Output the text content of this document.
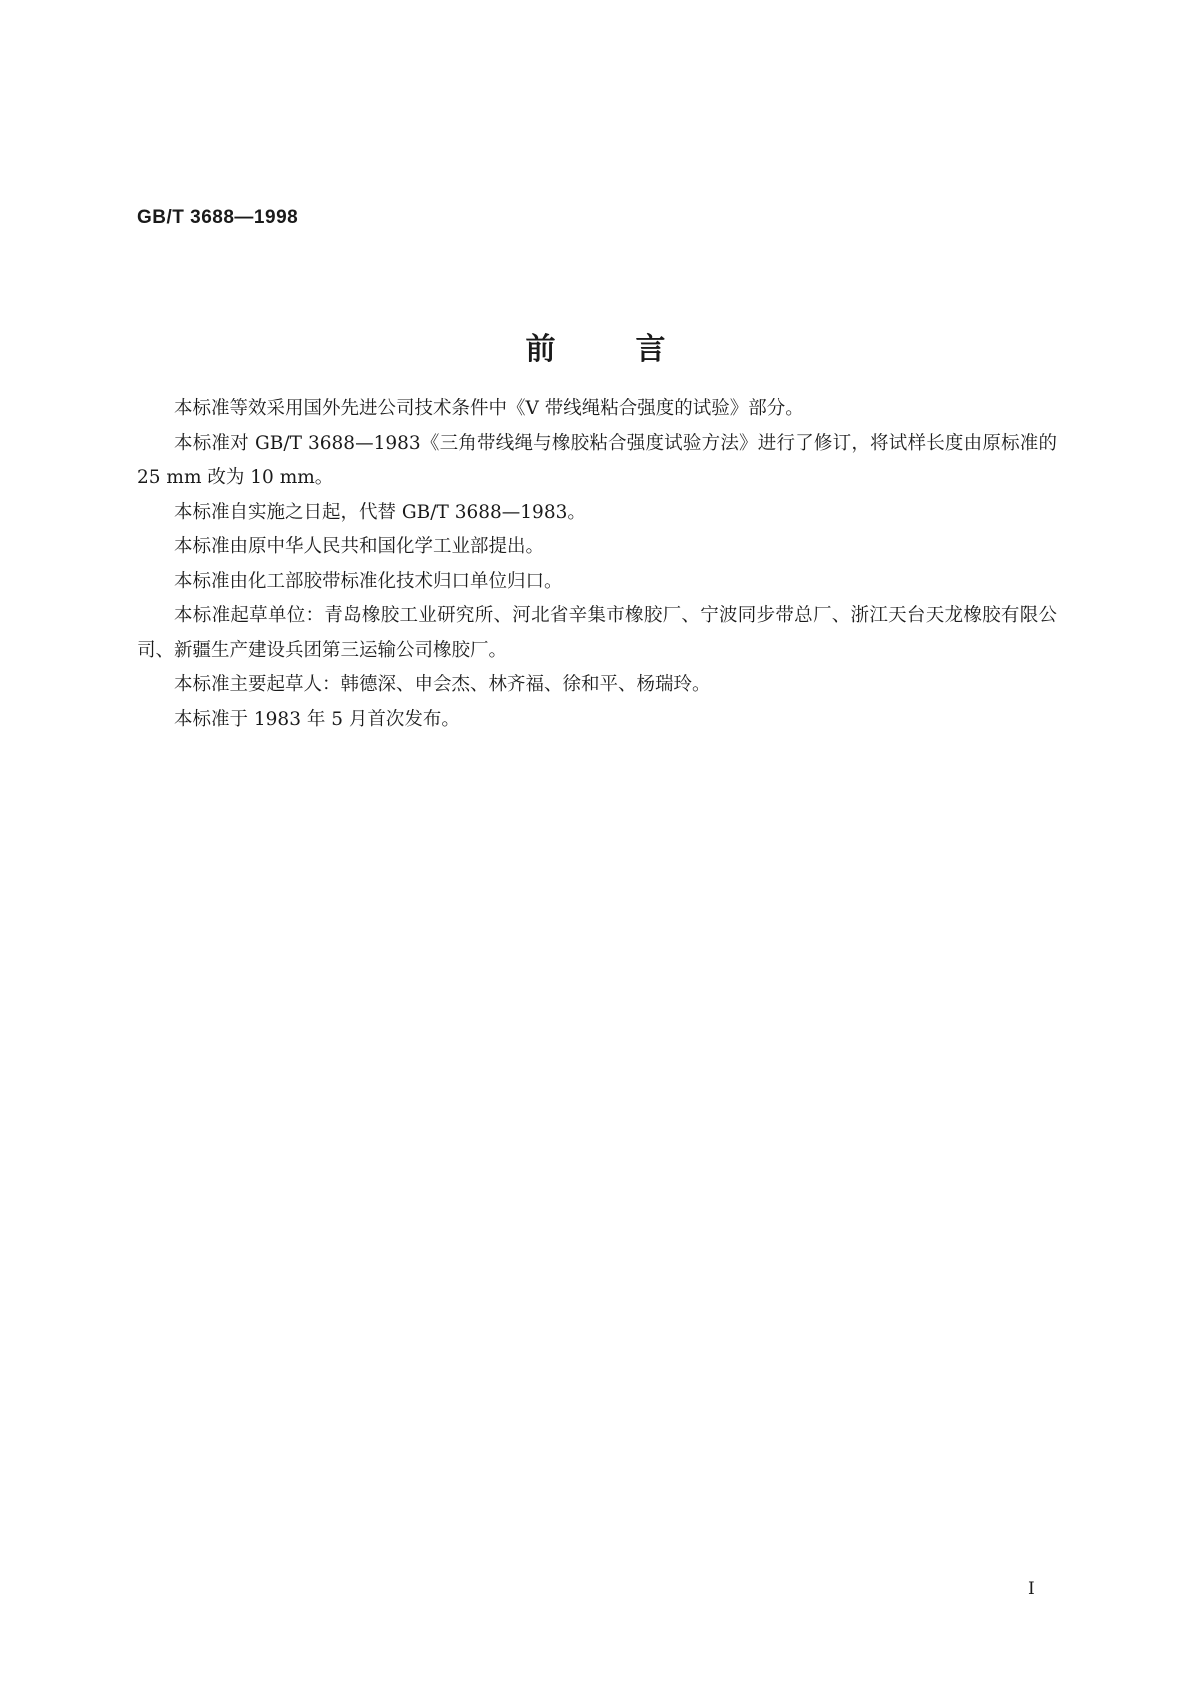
GB/T 3688—1998
前言

本标准等效采用国外先进公司技术条件中《V 带线绳粘合强度的试验》部分。

本标准对 GB/T 3688—1983《三角带线绳与橡胶粘合强度试验方法》进行了修订，将试样长度由原标准的 25 mm 改为 10 mm。

本标准自实施之日起，代替 GB/T 3688—1983。

本标准由原中华人民共和国化学工业部提出。

本标准由化工部胶带标准化技术归口单位归口。

本标准起草单位：青岛橡胶工业研究所、河北省辛集市橡胶厂、宁波同步带总厂、浙江天台天龙橡胶有限公司、新疆生产建设兵团第三运输公司橡胶厂。

本标准主要起草人：韩德深、申会杰、林齐福、徐和平、杨瑞玲。

本标准于 1983 年 5 月首次发布。

I
